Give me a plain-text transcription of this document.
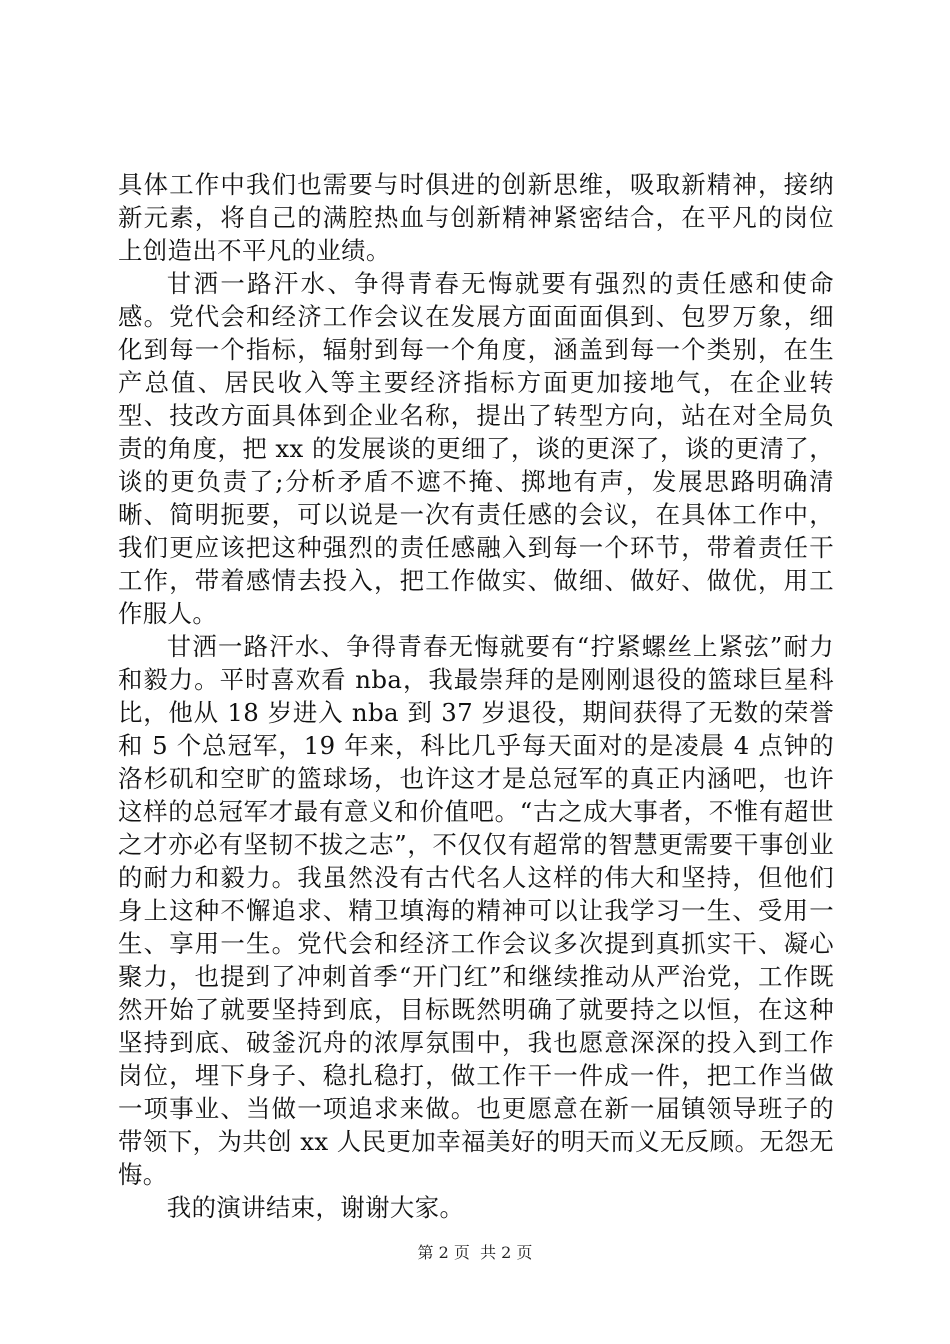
具体工作中我们也需要与时俱进的创新思维，吸取新精神，接纳新元素，将自己的满腔热血与创新精神紧密结合，在平凡的岗位上创造出不平凡的业绩。

甘洒一路汗水、争得青春无悔就要有强烈的责任感和使命感。党代会和经济工作会议在发展方面面面俱到、包罗万象，细化到每一个指标，辐射到每一个角度，涵盖到每一个类别，在生产总值、居民收入等主要经济指标方面更加接地气，在企业转型、技改方面具体到企业名称，提出了转型方向，站在对全局负责的角度，把 xx 的发展谈的更细了，谈的更深了，谈的更清了，谈的更负责了;分析矛盾不遮不掩、掷地有声，发展思路明确清晰、简明扼要，可以说是一次有责任感的会议，在具体工作中，我们更应该把这种强烈的责任感融入到每一个环节，带着责任干工作，带着感情去投入，把工作做实、做细、做好、做优，用工作服人。

甘洒一路汗水、争得青春无悔就要有“拧紧螺丝上紧弦”耐力和毅力。平时喜欢看 nba，我最崇拜的是刚刚退役的篮球巨星科比，他从 18 岁进入 nba 到 37 岁退役，期间获得了无数的荣誉和 5 个总冠军，19 年来，科比几乎每天面对的是凌晨 4 点钟的洛杉矶和空旷的篮球场，也许这才是总冠军的真正内涵吧，也许这样的总冠军才最有意义和价值吧。“古之成大事者，不惟有超世之才亦必有坚韧不拔之志”，不仅仅有超常的智慧更需要干事创业的耐力和毅力。我虽然没有古代名人这样的伟大和坚持，但他们身上这种不懈追求、精卫填海的精神可以让我学习一生、受用一生、享用一生。党代会和经济工作会议多次提到真抓实干、凝心聚力，也提到了冲刺首季“开门红”和继续推动从严治党，工作既然开始了就要坚持到底，目标既然明确了就要持之以恒，在这种坚持到底、破釜沉舟的浓厚氛围中，我也愿意深深的投入到工作岗位，埋下身子、稳扎稳打，做工作干一件成一件，把工作当做一项事业、当做一项追求来做。也更愿意在新一届镇领导班子的带领下，为共创 xx 人民更加幸福美好的明天而义无反顾。无怨无悔。

我的演讲结束，谢谢大家。

第 2 页 共 2 页
